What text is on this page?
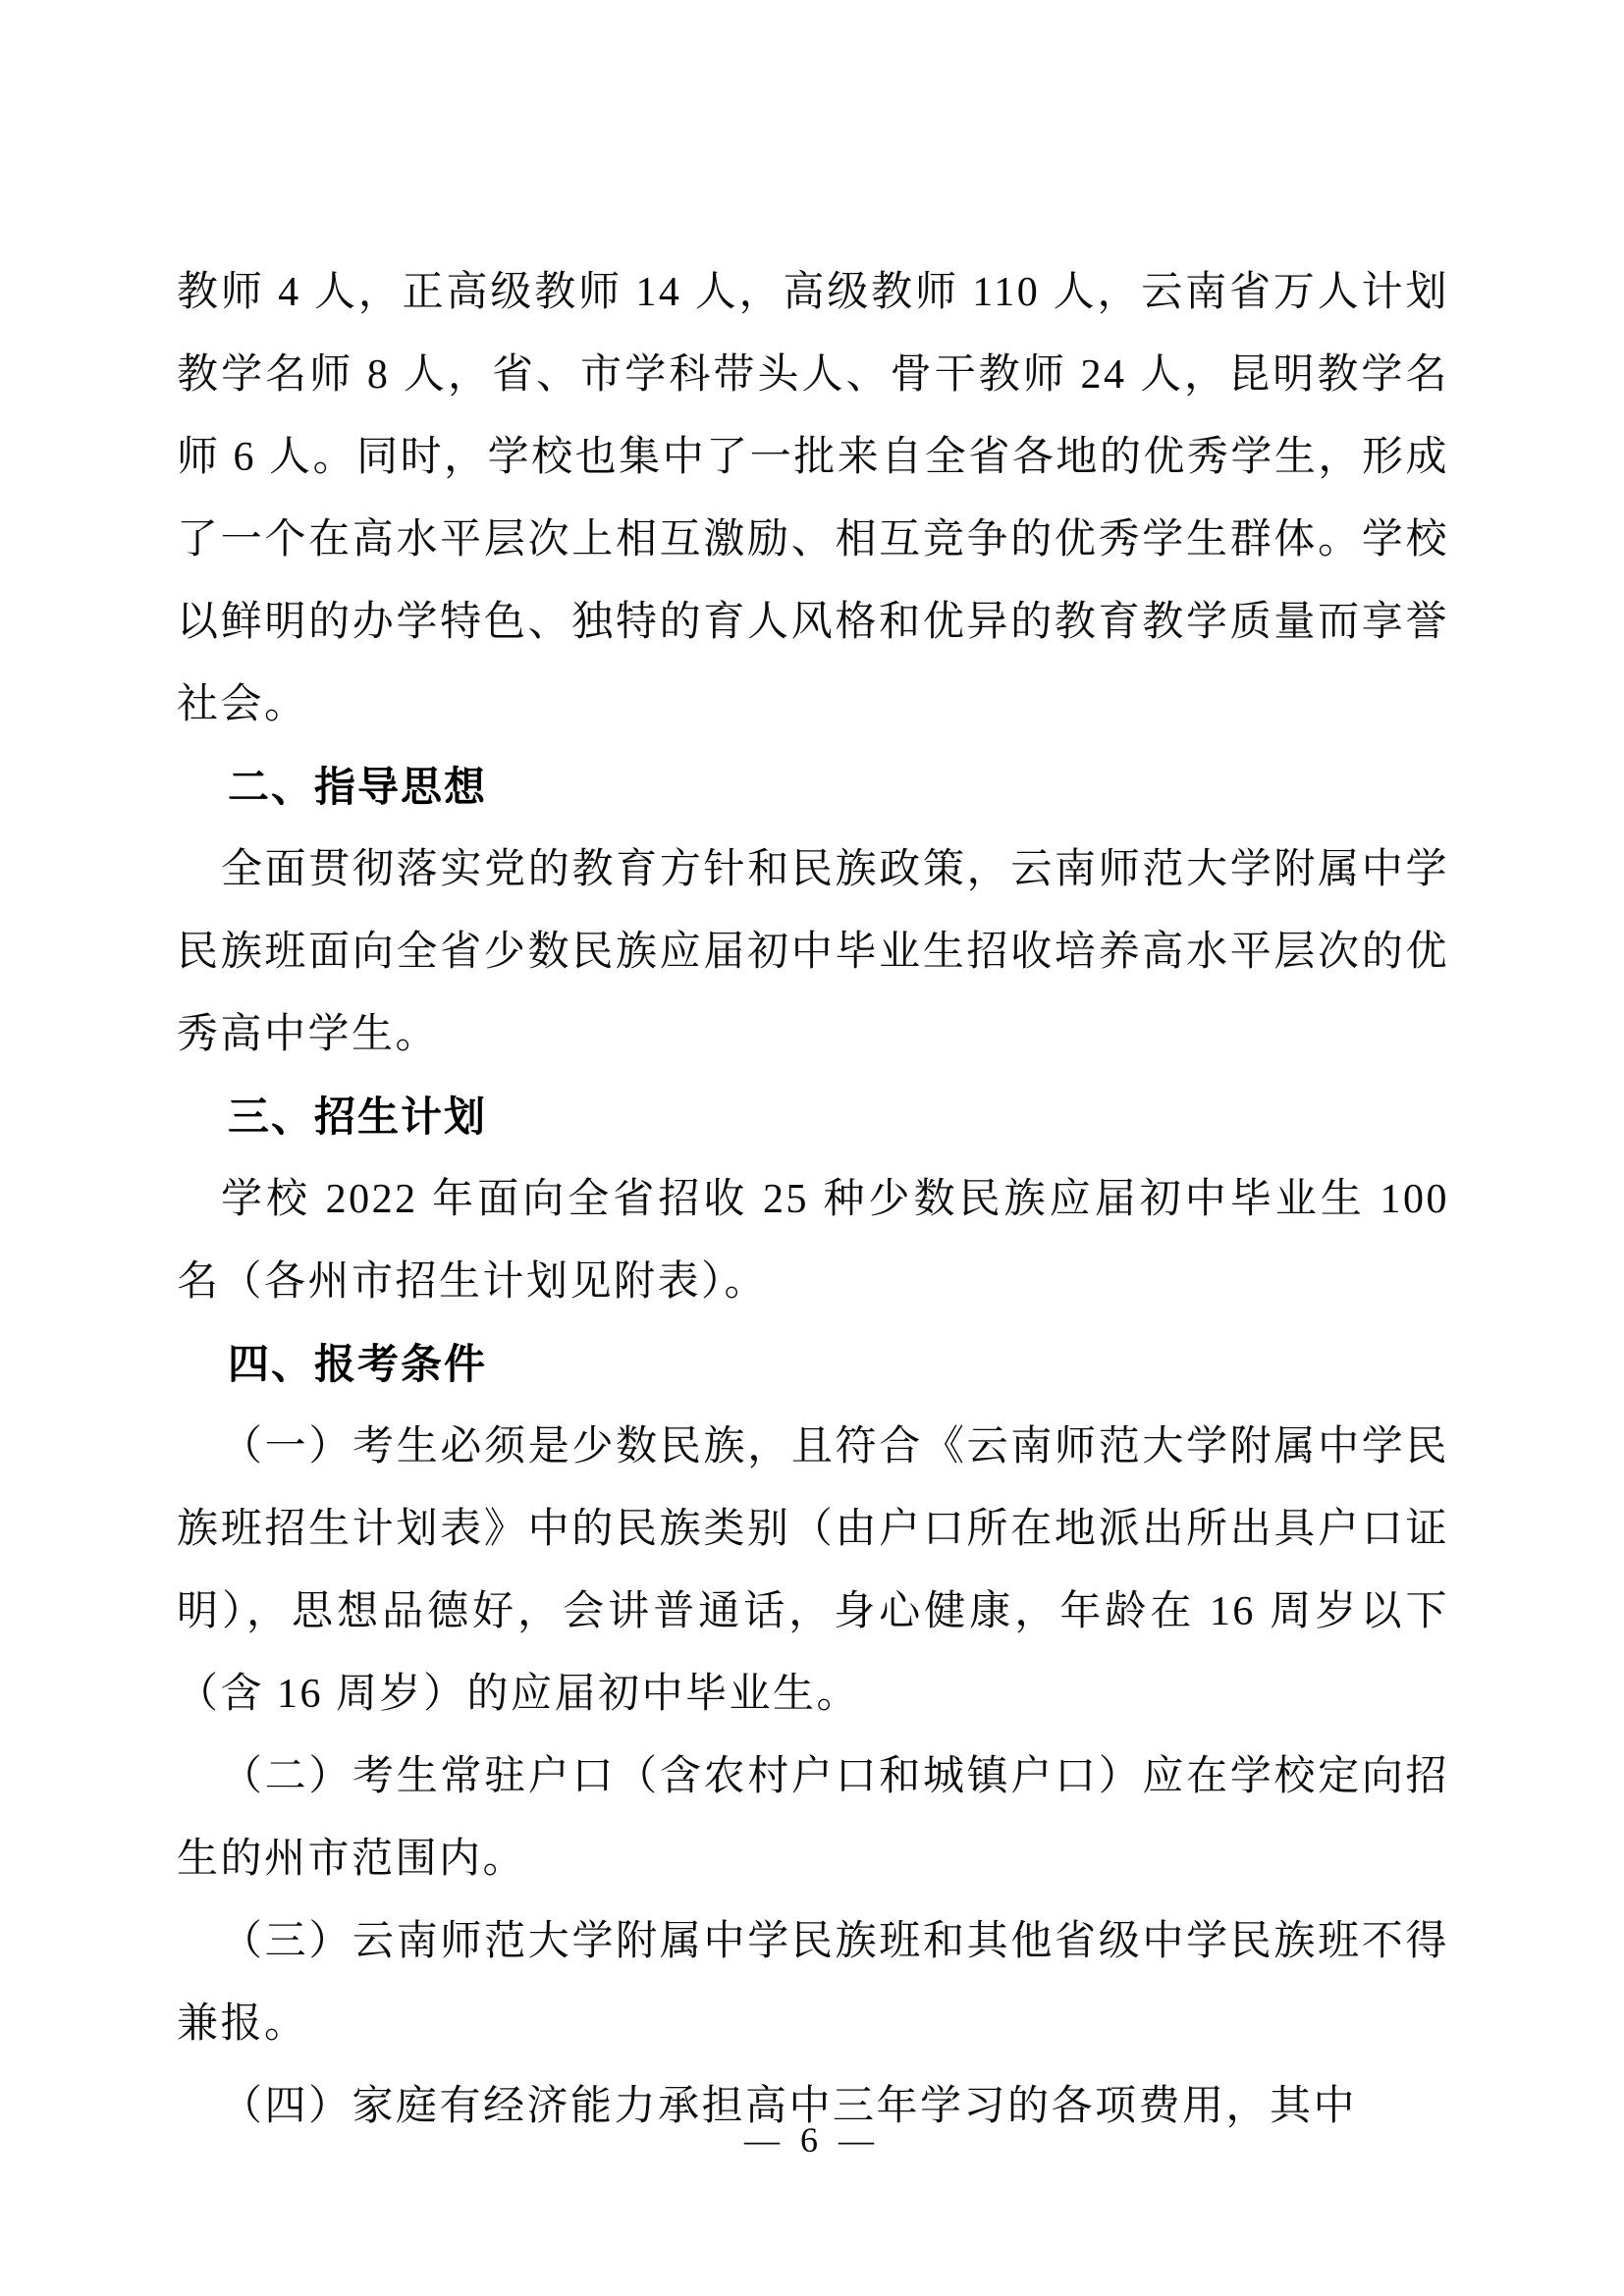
教师 4 人，正高级教师 14 人，高级教师 110 人，云南省万人计划教学名师 8 人，省、市学科带头人、骨干教师 24 人，昆明教学名师 6 人。同时，学校也集中了一批来自全省各地的优秀学生，形成了一个在高水平层次上相互激励、相互竞争的优秀学生群体。学校以鲜明的办学特色、独特的育人风格和优异的教育教学质量而享誉社会。
二、指导思想
全面贯彻落实党的教育方针和民族政策，云南师范大学附属中学民族班面向全省少数民族应届初中毕业生招收培养高水平层次的优秀高中学生。
三、招生计划
学校 2022 年面向全省招收 25 种少数民族应届初中毕业生 100 名（各州市招生计划见附表）。
四、报考条件
（一）考生必须是少数民族，且符合《云南师范大学附属中学民族班招生计划表》中的民族类别（由户口所在地派出所出具户口证明），思想品德好，会讲普通话，身心健康，年龄在 16 周岁以下（含 16 周岁）的应届初中毕业生。
（二）考生常驻户口（含农村户口和城镇户口）应在学校定向招生的州市范围内。
（三）云南师范大学附属中学民族班和其他省级中学民族班不得兼报。
（四）家庭有经济能力承担高中三年学习的各项费用，其中
— 6 —
